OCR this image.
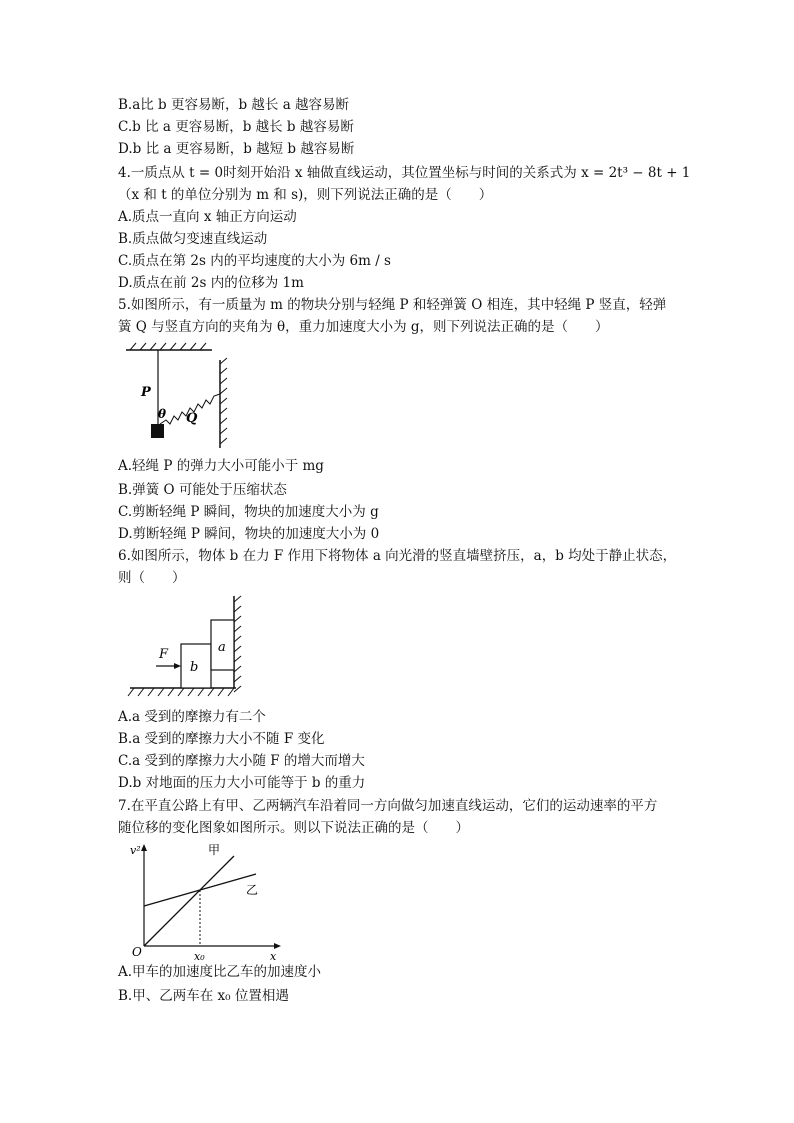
B.a比 b 更容易断，b 越长 a 越容易断
C.b 比 a 更容易断，b 越长 b 越容易断
D.b 比 a 更容易断，b 越短 b 越容易断
4.一质点从 t = 0时刻开始沿 x 轴做直线运动，其位置坐标与时间的关系式为 x = 2t³ − 8t + 1
（x 和 t 的单位分别为 m 和 s)，则下列说法正确的是（　　）
A.质点一直向 x 轴正方向运动
B.质点做匀变速直线运动
C.质点在第 2s 内的平均速度的大小为 6m / s
D.质点在前 2s 内的位移为 1m
5.如图所示，有一质量为 m 的物块分别与轻绳 P 和轻弹簧 O 相连，其中轻绳 P 竖直，轻弹
簧 Q 与竖直方向的夹角为 θ，重力加速度大小为 g，则下列说法正确的是（　　）
P
θ Q
A.轻绳 P 的弹力大小可能小于 mg
B.弹簧 O 可能处于压缩状态
C.剪断轻绳 P 瞬间，物块的加速度大小为 g
D.剪断轻绳 P 瞬间，物块的加速度大小为 0
6.如图所示，物体 b 在力 F 作用下将物体 a 向光滑的竖直墙壁挤压，a，b 均处于静止状态，
则（　　）
F
b
a
A.a 受到的摩擦力有二个
B.a 受到的摩擦力大小不随 F 变化
C.a 受到的摩擦力大小随 F 的增大而增大
D.b 对地面的压力大小可能等于 b 的重力
7.在平直公路上有甲、乙两辆汽车沿着同一方向做匀加速直线运动，它们的运动速率的平方
随位移的变化图象如图所示。则以下说法正确的是（　　）
v²
x
O	x₀
甲
乙
A.甲车的加速度比乙车的加速度小
B.甲、乙两车在 x₀ 位置相遇
